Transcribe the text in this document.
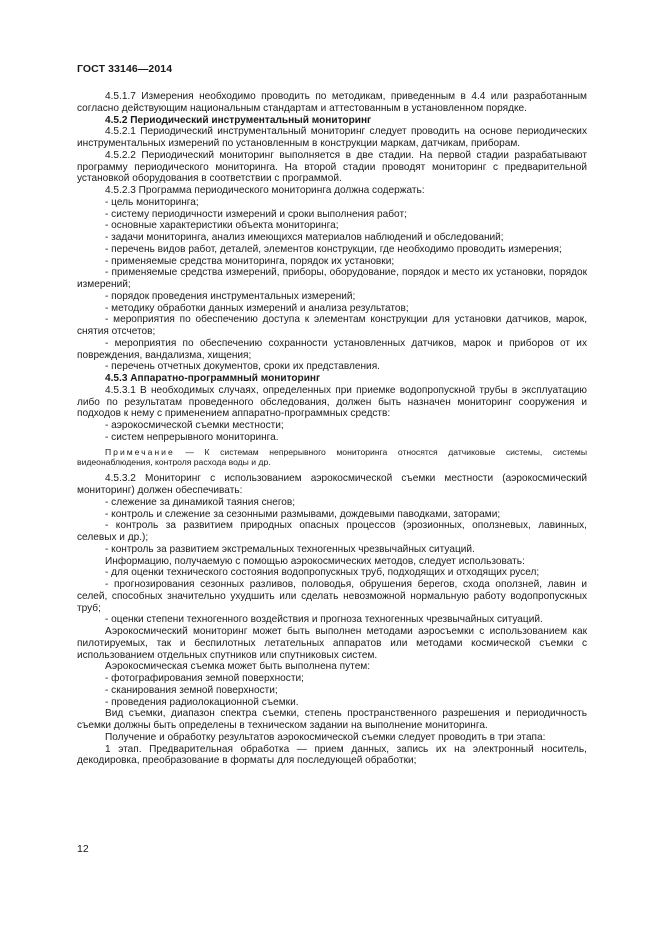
ГОСТ 33146—2014
4.5.1.7 Измерения необходимо проводить по методикам, приведенным в 4.4 или разработанным согласно действующим национальным стандартам и аттестованным в установленном порядке.
4.5.2 Периодический инструментальный мониторинг
4.5.2.1 Периодический инструментальный мониторинг следует проводить на основе периодических инструментальных измерений по установленным в конструкции маркам, датчикам, приборам.
4.5.2.2 Периодический мониторинг выполняется в две стадии. На первой стадии разрабатывают программу периодического мониторинга. На второй стадии проводят мониторинг с предварительной установкой оборудования в соответствии с программой.
4.5.2.3 Программа периодического мониторинга должна содержать:
- цель мониторинга;
- систему периодичности измерений и сроки выполнения работ;
- основные характеристики объекта мониторинга;
- задачи мониторинга, анализ имеющихся материалов наблюдений и обследований;
- перечень видов работ, деталей, элементов конструкции, где необходимо проводить измерения;
- применяемые средства мониторинга, порядок их установки;
- применяемые средства измерений, приборы, оборудование, порядок и место их установки, порядок измерений;
- порядок проведения инструментальных измерений;
- методику обработки данных измерений и анализа результатов;
- мероприятия по обеспечению доступа к элементам конструкции для установки датчиков, марок, снятия отсчетов;
- мероприятия по обеспечению сохранности установленных датчиков, марок и приборов от их повреждения, вандализма, хищения;
- перечень отчетных документов, сроки их представления.
4.5.3 Аппаратно-программный мониторинг
4.5.3.1 В необходимых случаях, определенных при приемке водопропускной трубы в эксплуатацию либо по результатам проведенного обследования, должен быть назначен мониторинг сооружения и подходов к нему с применением аппаратно-программных средств:
- аэрокосмической съемки местности;
- систем непрерывного мониторинга.
Примечание — К системам непрерывного мониторинга относятся датчиковые системы, системы видеонаблюдения, контроля расхода воды и др.
4.5.3.2 Мониторинг с использованием аэрокосмической съемки местности (аэрокосмический мониторинг) должен обеспечивать:
- слежение за динамикой таяния снегов;
- контроль и слежение за сезонными размывами, дождевыми паводками, заторами;
- контроль за развитием природных опасных процессов (эрозионных, оползневых, лавинных, селевых и др.);
- контроль за развитием экстремальных техногенных чрезвычайных ситуаций.
Информацию, получаемую с помощью аэрокосмических методов, следует использовать:
- для оценки технического состояния водопропускных труб, подходящих и отходящих русел;
- прогнозирования сезонных разливов, половодья, обрушения берегов, схода оползней, лавин и селей, способных значительно ухудшить или сделать невозможной нормальную работу водопропускных труб;
- оценки степени техногенного воздействия и прогноза техногенных чрезвычайных ситуаций.
Аэрокосмический мониторинг может быть выполнен методами аэросъемки с использованием как пилотируемых, так и беспилотных летательных аппаратов или методами космической съемки с использованием отдельных спутников или спутниковых систем.
Аэрокосмическая съемка может быть выполнена путем:
- фотографирования земной поверхности;
- сканирования земной поверхности;
- проведения радиолокационной съемки.
Вид съемки, диапазон спектра съемки, степень пространственного разрешения и периодичность съемки должны быть определены в техническом задании на выполнение мониторинга.
Получение и обработку результатов аэрокосмической съемки следует проводить в три этапа:
1 этап. Предварительная обработка — прием данных, запись их на электронный носитель, декодировка, преобразование в форматы для последующей обработки;
12
